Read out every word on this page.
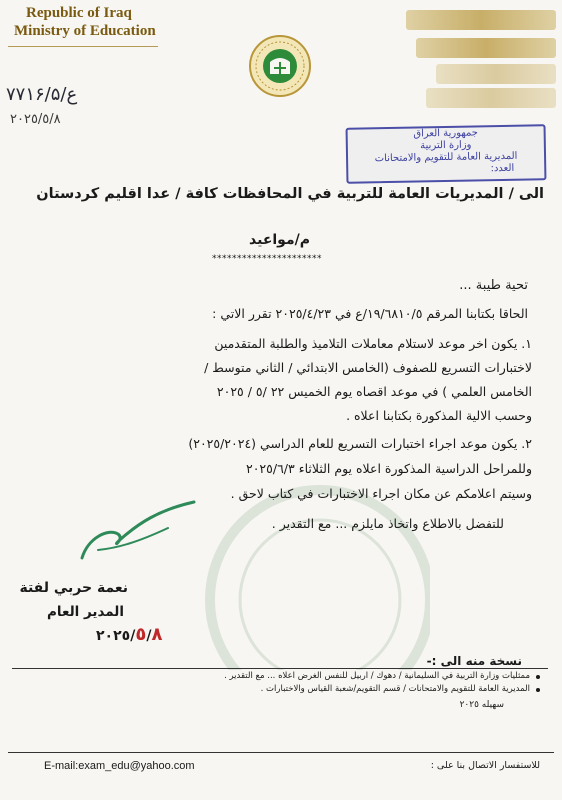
Republic of Iraq
Ministry of Education
۷۷۱۶/۵/ع
٢٠٢٥/٥/٨
جمهورية العراق
وزارة التربية
المديرية العامة للتقويم والامتحانات
العدد:
الى / المديريات العامة للتربية في المحافظات كافة / عدا اقليم كردستان
م/مواعيد
**********************
تحية طيبة ...
الحاقا بكتابنا المرقم ١٩/٦٨١٠/٥/ع في ٢٠٢٥/٤/٢٣ تقرر الاتي :
١. يكون اخر موعد لاستلام معاملات التلاميذ والطلبة المتقدمين
لاختبارات التسريع للصفوف (الخامس الابتدائي / الثاني متوسط /
الخامس العلمي ) في موعد اقصاه يوم الخميس ٢٢ /٥ / ٢٠٢٥
وحسب الالية المذكورة بكتابنا اعلاه .
٢. يكون موعد اجراء اختبارات التسريع للعام الدراسي (٢٠٢٥/٢٠٢٤)
وللمراحل الدراسية المذكورة اعلاه يوم الثلاثاء ٢٠٢٥/٦/٣
وسيتم اعلامكم عن مكان اجراء الاختبارات في كتاب لاحق .
للتفضل بالاطلاع واتخاذ مايلزم ... مع التقدير .
نعمة حربي لفتة
المدير العام
٢٠٢٥/٥/٨
نسخة منه الى :-
ممثليات وزارة التربية في السليمانية / دهوك / اربيل للنفس الغرض اعلاه ... مع التقدير .
المديرية العامة للتقويم والامتحانات / قسم التقويم/شعبة القياس والاختبارات .
سهيله ٢٠٢٥
E-mail:exam_edu@yahoo.com	للاستفسار الاتصال بنا على :
